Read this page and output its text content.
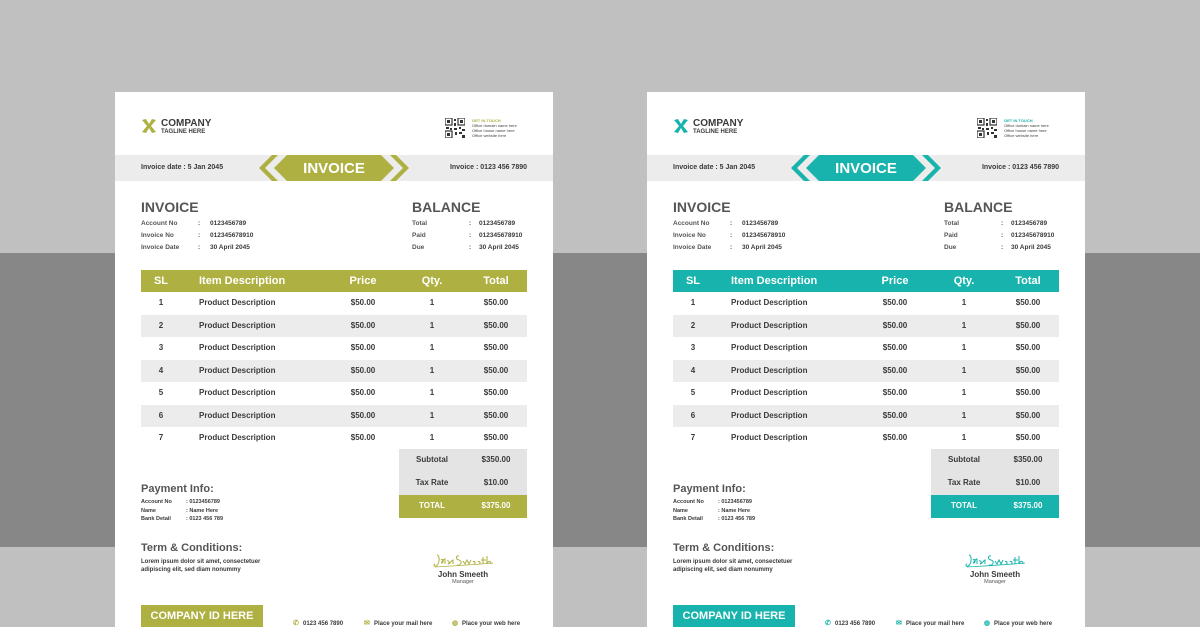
COMPANY
TAGLINE HERE
GET IN TOUCH
Office domain name here
Office house name here
Office website here
Invoice date : 5 Jan 2045	INVOICE	Invoice : 0123 456 7890
INVOICE
Account No	: 0123456789
Invoice No	: 012345678910
Invoice Date	: 30 April 2045
BALANCE
Total	: 0123456789
Paid	: 012345678910
Due	: 30 April 2045
SL	Item Description	Price	Qty.	Total
1	Product Description	$50.00	1	$50.00
2	Product Description	$50.00	1	$50.00
3	Product Description	$50.00	1	$50.00
4	Product Description	$50.00	1	$50.00
5	Product Description	$50.00	1	$50.00
6	Product Description	$50.00	1	$50.00
7	Product Description	$50.00	1	$50.00
Subtotal	$350.00
Tax Rate	$10.00
TOTAL	$375.00
Payment Info:
Account No	: 0123456789
Name	: Name Here
Bank Detail	: 0123 456 789
Term & Conditions:
Lorem ipsum dolor sit amet, consectetuer adipiscing elit, sed diam nonummy	John Smeeth
Manager
COMPANY ID HERE
✆ 0123 456 7890	✉ Place your mail here	◍ Place your web here
COMPANY
TAGLINE HERE
GET IN TOUCH
Office domain name here
Office house name here
Office website here
Invoice date : 5 Jan 2045	INVOICE	Invoice : 0123 456 7890
INVOICE
Account No	: 0123456789
Invoice No	: 012345678910
Invoice Date	: 30 April 2045
BALANCE
Total	: 0123456789
Paid	: 012345678910
Due	: 30 April 2045
SL	Item Description	Price	Qty.	Total
1	Product Description	$50.00	1	$50.00
2	Product Description	$50.00	1	$50.00
3	Product Description	$50.00	1	$50.00
4	Product Description	$50.00	1	$50.00
5	Product Description	$50.00	1	$50.00
6	Product Description	$50.00	1	$50.00
7	Product Description	$50.00	1	$50.00
Subtotal	$350.00
Tax Rate	$10.00
TOTAL	$375.00
Payment Info:
Account No	: 0123456789
Name	: Name Here
Bank Detail	: 0123 456 789
Term & Conditions:
Lorem ipsum dolor sit amet, consectetuer adipiscing elit, sed diam nonummy	John Smeeth
Manager
COMPANY ID HERE
✆ 0123 456 7890	✉ Place your mail here	◍ Place your web here
